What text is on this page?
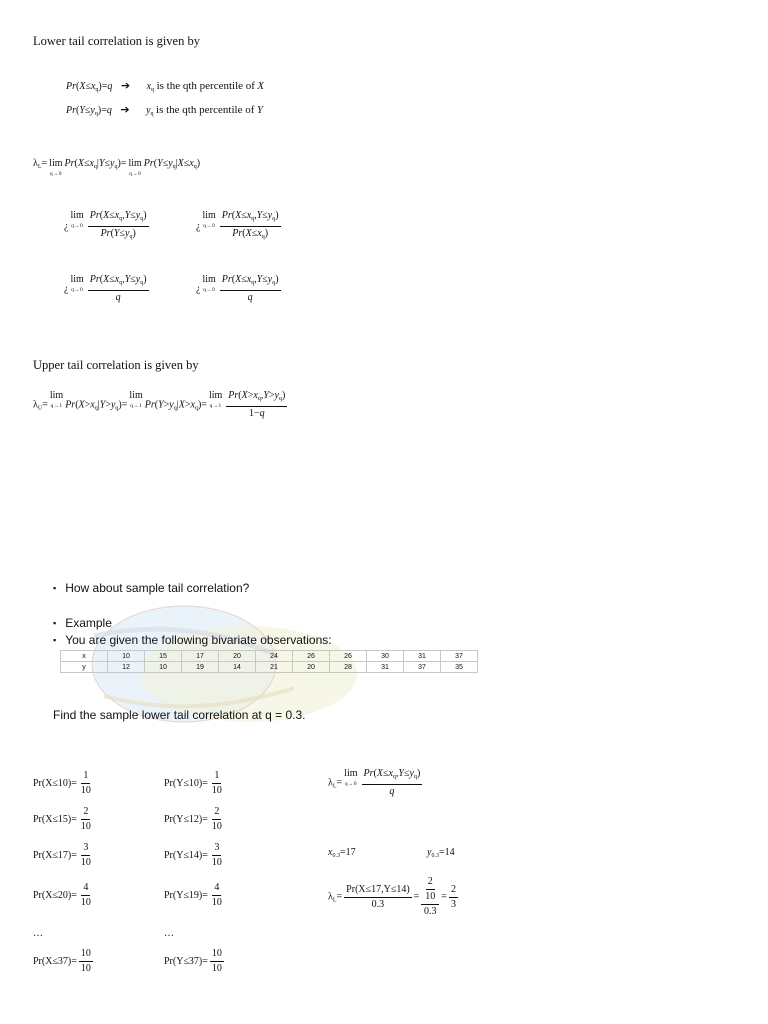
Lower tail correlation is given by
$Pr(X\le x_q)=q$ ➔ $x_q$ is the qth percentile of X
$Pr(Y\le y_q)=q$ ➔ $y_q$ is the qth percentile of Y
$\lambda_L= \lim$
q→0
$Pr(X\le x_q|Y\le y_q)= \lim$
q→0
$Pr(Y\le y_q|X\le x_q)$
¿lim
$q\to 0 \frac{Pr(X\le x_q,Y\le y_q)}{Pr(Y\le y_q)}$	¿lim
$q\to 0 \frac{Pr(X\le x_q,Y\le y_q)}{Pr(X\le x_q)}$
¿lim
$q\to 0 \frac{Pr(X\le x_q,Y\le y_q)}{q}$	¿lim
$q\to 0 \frac{Pr(X\le x_q,Y\le y_q)}{q}$
Upper tail correlation is given by
$\lambda_U=\lim$
q→1 $Pr(X>x_q|Y>y_q)=\lim$
q→1 $Pr(Y>y_q|X>x_q)=\lim$
$q\to 1 \frac{Pr(X>x_q,Y>y_q)}{1-q}$
▪ How about sample tail correlation?
▪ Example
▪ You are given the following bivariate observations:
x	10	15	17	20	24	26	26	30	31	37
y	12	10	19	14	21	20	28	31	37	35
Find the sample lower tail correlation at q = 0.3.
$Pr(X\le 10)= \frac{1}{10}$
$Pr(X\le 15)= \frac{2}{10}$
$Pr(X\le 17)= \frac{3}{10}$
$Pr(X\le 20)= \frac{4}{10}$
…
$Pr(X\le 37)= \frac{10}{10}$
$Pr(Y\le 10)= \frac{1}{10}$
$Pr(Y\le 12)= \frac{2}{10}$
$Pr(Y\le 14)= \frac{3}{10}$
$Pr(Y\le 19)= \frac{4}{10}$
…
$Pr(Y\le 37)= \frac{10}{10}$
$\lambda_L=\lim$
$q\to 0 \frac{Pr(X\le x_q,Y\le y_q)}{q}$
$x_{0.3}=17$	$y_{0.3}=14$
$\lambda_L= \frac{Pr(X\le 17,Y\le 14)}{0.3} = \frac{\frac{2}{10}}{0.3} = \frac{2}{3}$
